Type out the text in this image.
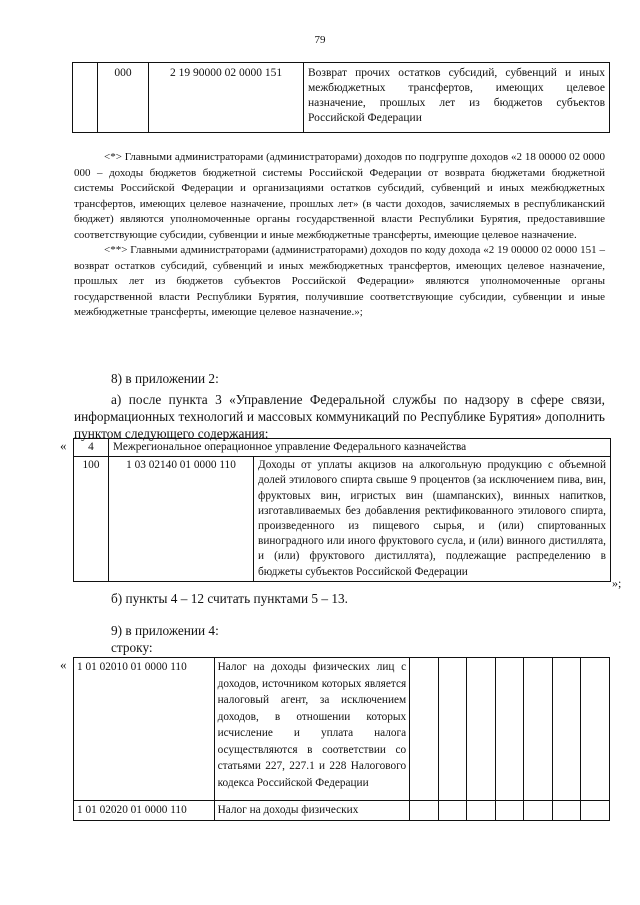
79
	000	2 19 90000 02 0000 151	Возврат прочих остатков субсидий, субвенций и иных межбюджетных трансфертов, имеющих целевое назначение, прошлых лет из бюджетов субъектов Российской Федерации

<*> Главными администраторами (администраторами) доходов по подгруппе доходов «2 18 00000 02 0000 000 – доходы бюджетов бюджетной системы Российской Федерации от возврата бюджетами бюджетной системы Российской Федерации и организациями остатков субсидий, субвенций и иных межбюджетных трансфертов, имеющих целевое назначение, прошлых лет» (в части доходов, зачисляемых в республиканский бюджет) являются уполномоченные органы государственной власти Республики Бурятия, предоставившие соответствующие субсидии, субвенции и иные межбюджетные трансферты, имеющие целевое назначение.

<**> Главными администраторами (администраторами) доходов по коду дохода «2 19 00000 02 0000 151 – возврат остатков субсидий, субвенций и иных межбюджетных трансфертов, имеющих целевое назначение, прошлых лет из бюджетов субъектов Российской Федерации» являются уполномоченные органы государственной власти Республики Бурятия, получившие соответствующие субсидии, субвенции и иные межбюджетные трансферты, имеющие целевое назначение.»;

8) в приложении 2:
а) после пункта 3 «Управление Федеральной службы по надзору в сфере связи, информационных технологий и массовых коммуникаций по Республике Бурятия» дополнить пунктом следующего содержания:
« 4	Межрегиональное операционное управление Федерального казначейства	
100	1 03 02140 01 0000 110	Доходы от уплаты акцизов на алкогольную продукцию с объемной долей этилового спирта свыше 9 процентов (за исключением пива, вин, фруктовых вин, игристых вин (шампанских), винных напитков, изготавливаемых без добавления ректификованного этилового спирта, произведенного из пищевого сырья, и (или) спиртованных виноградного или иного фруктового сусла, и (или) винного дистиллята, и (или) фруктового дистиллята), подлежащие распределению в бюджеты субъектов Российской Федерации
»;
б) пункты 4 – 12 считать пунктами 5 – 13.
9) в приложении 4:
строку:
« 1 01 02010 01 0000 110	Налог на доходы физических лиц с доходов, источником которых является налоговый агент, за исключением доходов, в отношении которых исчисление и уплата налога осуществляются в соответствии со статьями 227, 227.1 и 228 Налогового кодекса Российской Федерации							
1 01 02020 01 0000 110	Налог на доходы физических							
